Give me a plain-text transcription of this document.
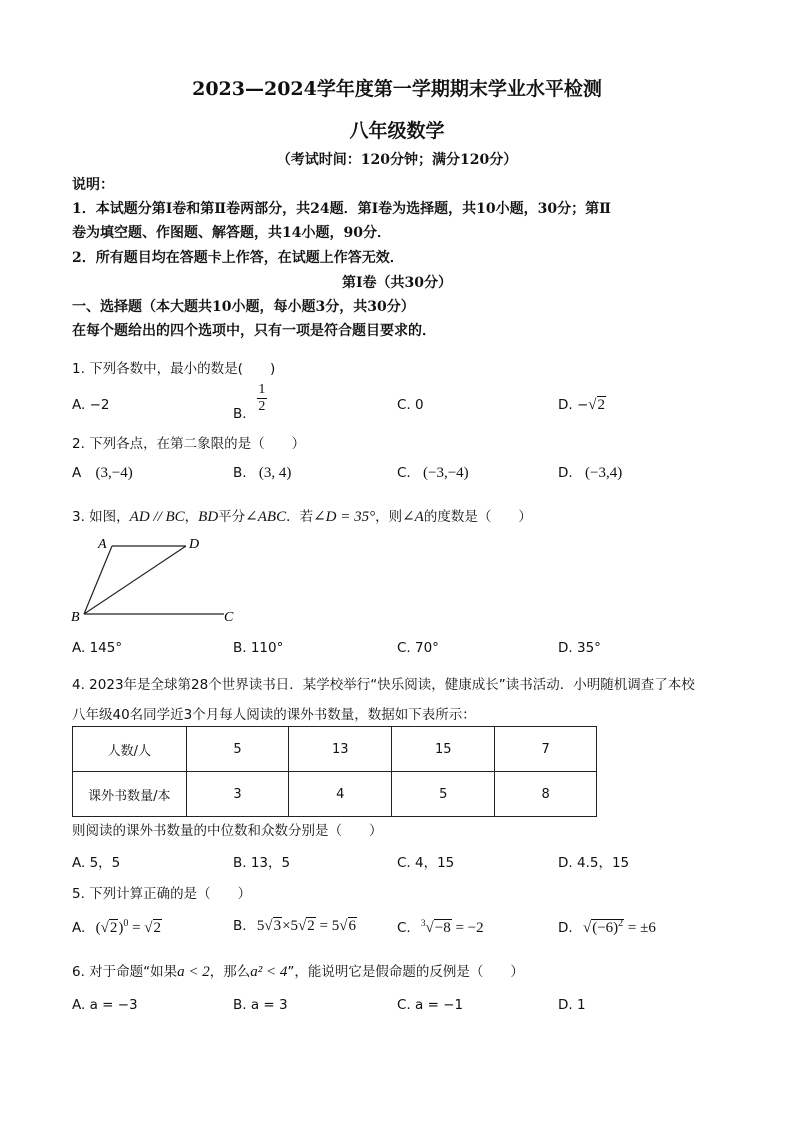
2023—2024学年度第一学期期末学业水平检测
八年级数学
（考试时间：120分钟；满分120分）
说明：
1．本试题分第Ⅰ卷和第Ⅱ卷两部分，共24题．第Ⅰ卷为选择题，共10小题，30分；第Ⅱ
卷为填空题、作图题、解答题，共14小题，90分．
2．所有题目均在答题卡上作答，在试题上作答无效．
第Ⅰ卷（共30分）
一、选择题（本大题共10小题，每小题3分，共30分）
在每个题给出的四个选项中，只有一项是符合题目要求的．
1. 下列各数中，最小的数是(　　)
A. −2
B. $\frac{1}{2}$	C. 0	D. −√2
2. 下列各点，在第二象限的是（　　）
A (3,−4)	B. (3, 4)	C. (−3,−4)	D. (−3,4)
3. 如图，AD // BC，BD平分∠ABC．若∠D = 35°，则∠A的度数是（　　）
A	D
B	C
A. 145°	B. 110°	C. 70°	D. 35°
4. 2023年是全球第28个世界读书日．某学校举行“快乐阅读，健康成长”读书活动．小明随机调查了本校
八年级40名同学近3个月每人阅读的课外书数量，数据如下表所示：
人数/人	5	13	15	7
课外书数量/本	3	4	5	8
则阅读的课外书数量的中位数和众数分别是（　　）
A. 5，5	B. 13，5	C. 4，15	D. 4.5，15
5. 下列计算正确的是（　　）
A. $(√2)^0 = √2$	B. 5√3×5√2 = 5√6	C. $^3$√−8 = −2	D. $√(-6)^2 = \pm 6$
6. 对于命题“如果a < 2，那么a² < 4”，能说明它是假命题的反例是（　　）
A. a = −3	B. a = 3	C. a = −1	D. 1
